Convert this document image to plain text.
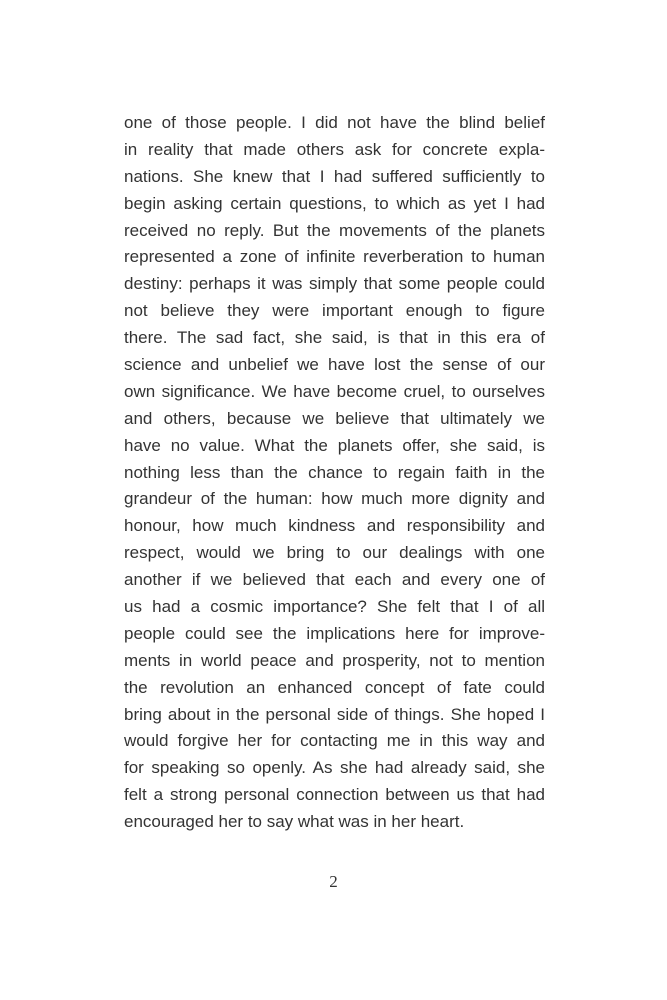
one of those people. I did not have the blind belief
in reality that made others ask for concrete expla-
nations. She knew that I had suffered sufficiently to
begin asking certain questions, to which as yet I had
received no reply. But the movements of the planets
represented a zone of infinite reverberation to human
destiny: perhaps it was simply that some people could
not believe they were important enough to figure
there. The sad fact, she said, is that in this era of
science and unbelief we have lost the sense of our
own significance. We have become cruel, to ourselves
and others, because we believe that ultimately we
have no value. What the planets offer, she said, is
nothing less than the chance to regain faith in the
grandeur of the human: how much more dignity and
honour, how much kindness and responsibility and
respect, would we bring to our dealings with one
another if we believed that each and every one of
us had a cosmic importance? She felt that I of all
people could see the implications here for improve-
ments in world peace and prosperity, not to mention
the revolution an enhanced concept of fate could
bring about in the personal side of things. She hoped I
would forgive her for contacting me in this way and
for speaking so openly. As she had already said, she
felt a strong personal connection between us that had
encouraged her to say what was in her heart.
2
